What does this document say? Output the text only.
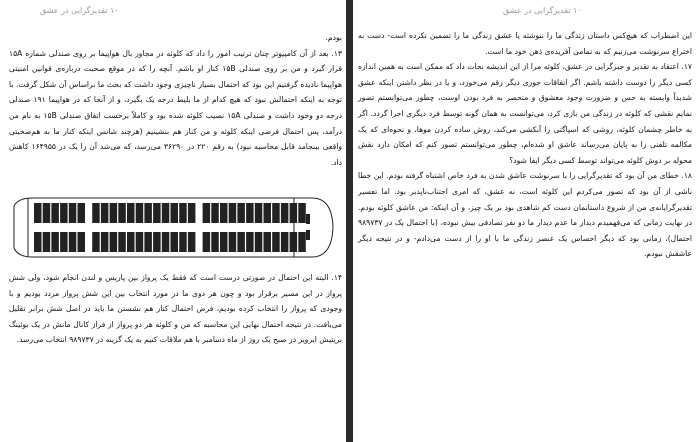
۱۰ تقدیرگرایی در عشق

بودم.

۱۳. بعد از آن کامپیوتر چنان ترتیب امور را داد که کلوئه در مجاور بال هواپیما بر روی صندلی شماره ۱۵A قرار گیرد و من بر روی صندلی ۱۵B کنار او باشم. آنچه را که در موقع صحبت درباره‌ی قوانین امنیتی هواپیما نادیده گرفتیم این بود که احتمال بسیار ناچیزی وجود داشت که بحث ما براساس آن شکل گرفت. با توجه به اینکه احتمالش نبود که هیچ کدام از ما بلیط درجه یک بگیرد، و از آنجا که در هواپیما ۱۹۱ صندلی درجه دو وجود داشت و صندلی ۱۵A نصیب کلوئه شده بود و کاملاً برحسب اتفاق صندلی ۱۵B به نام من درآمد، پس احتمال فرضی اینکه کلوئه و من کنار هم بنشینیم (هرچند شانس اینکه کنار ما به هم‌صحبتی واقعی بینجامد قابل محاسبه نبود) به رقم ۲۲۰ در ۳۶۲۹۰ می‌رسد، که می‌شد آن را یک در ۱۶۴۹۵۵ کاهش داد.

۱۴. البته این احتمال در صورتی درست است که فقط یک پرواز بین پاریس و لندن انجام شود، ولی شش پرواز در این مسیر برقرار بود و چون هر دوی ما در مورد انتخاب بین این شش پرواز مردد بودیم و با وجودی که پرواز را انتخاب کرده بودیم، فرض احتمال کنار هم نشستن ما باید در اصل شش برابر تقلیل می‌یافت. در نتیجه احتمال نهایی این محاسبه که من و کلوئه هر دو پرواز از فراز کانال مانش در یک بوئینگ بریتیش ایرویز در صبح یک روز از ماه دسامبر با هم ملاقات کنیم به یک گزینه در ۹۸۹۷۳۷ انتخاب می‌رسد.

۱۰ تقدیرگرایی در عشق

این اضطراب که هیچ‌کس داستان زندگی ما را ننوشته یا عشق زندگی ما را تضمین نکرده است- دست به اختراع سرنوشت می‌زنیم که به تمامی آفریده‌ی ذهن خود ما است.

۱۷. اعتقاد به تقدیر و جبرگرایی در عشق، کلوئه مرا از این اندیشه نجات داد که ممکن است به همین اندازه کسی دیگر را دوست داشته باشم. اگر اتفاقات جوری دیگر رقم می‌خورد، و یا در نظر داشتن اینکه عشق شدیداً وابسته به حس و ضرورت وجود معشوق و منحصر به فرد بودن اوست، چطور می‌توانستم تصور نمایم نقشی که کلوئه در زندگی من بازی کرد، می‌توانست به همان گونه توسط فرد دیگری اجرا گردد. اگر به خاطر چشمان کلوئه، روشی که اسپاگتی را آبکشی می‌کند، روش ساده کردن موها، و نحوه‌ای که یک مکالمه تلفنی را به پایان می‌رساند عاشق او شده‌ام، چطور می‌توانستم تصور کنم که امکان دارد نقش محوله بر دوش کلوئه می‌تواند توسط کسی دیگر ایفا شود؟

۱۸. خطای من آن بود که تقدیرگرایی را با سرنوشت عاشق شدن به فرد خاص اشتباه گرفته بودم. این خطا ناشی از آن بود که تصور می‌کردم این کلوئه است، نه عشق، که امری اجتناب‌ناپذیر بود. اما تفسیر تقدیرگرایانه‌ی من از شروع داستانمان دست کم شاهدی بود بر یک چیز، و آن اینکه: من عاشق کلوئه بودم. در نهایت زمانی که می‌فهمیدم دیدار ما عدم دیدار ما دو نفر تصادفی بیش نبوده، (با احتمال یک در ۹۸۹۷۳۷ احتمال)، زمانی بود که دیگر احساس یک عنصر زندگی ما با او را از دست می‌دادم- و در نتیجه دیگر عاشقش نبودم.
